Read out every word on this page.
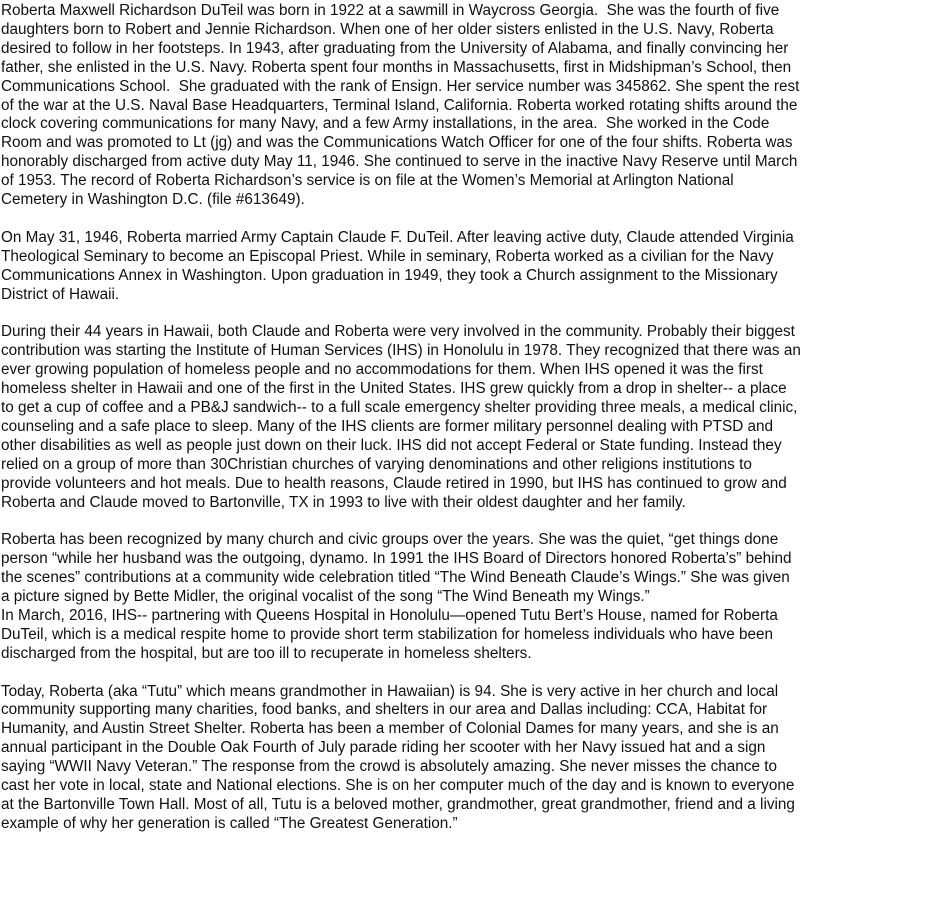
Roberta Maxwell Richardson DuTeil was born in 1922 at a sawmill in Waycross Georgia.  She was the fourth of five
daughters born to Robert and Jennie Richardson. When one of her older sisters enlisted in the U.S. Navy, Roberta
desired to follow in her footsteps. In 1943, after graduating from the University of Alabama, and finally convincing her
father, she enlisted in the U.S. Navy. Roberta spent four months in Massachusetts, first in Midshipman’s School, then
Communications School.  She graduated with the rank of Ensign. Her service number was 345862. She spent the rest
of the war at the U.S. Naval Base Headquarters, Terminal Island, California. Roberta worked rotating shifts around the
clock covering communications for many Navy, and a few Army installations, in the area.  She worked in the Code
Room and was promoted to Lt (jg) and was the Communications Watch Officer for one of the four shifts. Roberta was
honorably discharged from active duty May 11, 1946. She continued to serve in the inactive Navy Reserve until March
of 1953. The record of Roberta Richardson’s service is on file at the Women’s Memorial at Arlington National
Cemetery in Washington D.C. (file #613649).
On May 31, 1946, Roberta married Army Captain Claude F. DuTeil. After leaving active duty, Claude attended Virginia
Theological Seminary to become an Episcopal Priest. While in seminary, Roberta worked as a civilian for the Navy
Communications Annex in Washington. Upon graduation in 1949, they took a Church assignment to the Missionary
District of Hawaii.
During their 44 years in Hawaii, both Claude and Roberta were very involved in the community. Probably their biggest
contribution was starting the Institute of Human Services (IHS) in Honolulu in 1978. They recognized that there was an
ever growing population of homeless people and no accommodations for them. When IHS opened it was the first
homeless shelter in Hawaii and one of the first in the United States. IHS grew quickly from a drop in shelter-- a place
to get a cup of coffee and a PB&J sandwich-- to a full scale emergency shelter providing three meals, a medical clinic,
counseling and a safe place to sleep. Many of the IHS clients are former military personnel dealing with PTSD and
other disabilities as well as people just down on their luck. IHS did not accept Federal or State funding. Instead they
relied on a group of more than 30Christian churches of varying denominations and other religions institutions to
provide volunteers and hot meals. Due to health reasons, Claude retired in 1990, but IHS has continued to grow and
Roberta and Claude moved to Bartonville, TX in 1993 to live with their oldest daughter and her family.
Roberta has been recognized by many church and civic groups over the years. She was the quiet, “get things done
person “while her husband was the outgoing, dynamo. In 1991 the IHS Board of Directors honored Roberta’s” behind
the scenes” contributions at a community wide celebration titled “The Wind Beneath Claude’s Wings.” She was given
a picture signed by Bette Midler, the original vocalist of the song “The Wind Beneath my Wings.”
In March, 2016, IHS-- partnering with Queens Hospital in Honolulu—opened Tutu Bert’s House, named for Roberta
DuTeil, which is a medical respite home to provide short term stabilization for homeless individuals who have been
discharged from the hospital, but are too ill to recuperate in homeless shelters.
Today, Roberta (aka “Tutu” which means grandmother in Hawaiian) is 94. She is very active in her church and local
community supporting many charities, food banks, and shelters in our area and Dallas including: CCA, Habitat for
Humanity, and Austin Street Shelter. Roberta has been a member of Colonial Dames for many years, and she is an
annual participant in the Double Oak Fourth of July parade riding her scooter with her Navy issued hat and a sign
saying “WWII Navy Veteran.” The response from the crowd is absolutely amazing. She never misses the chance to
cast her vote in local, state and National elections. She is on her computer much of the day and is known to everyone
at the Bartonville Town Hall. Most of all, Tutu is a beloved mother, grandmother, great grandmother, friend and a living
example of why her generation is called “The Greatest Generation.”
